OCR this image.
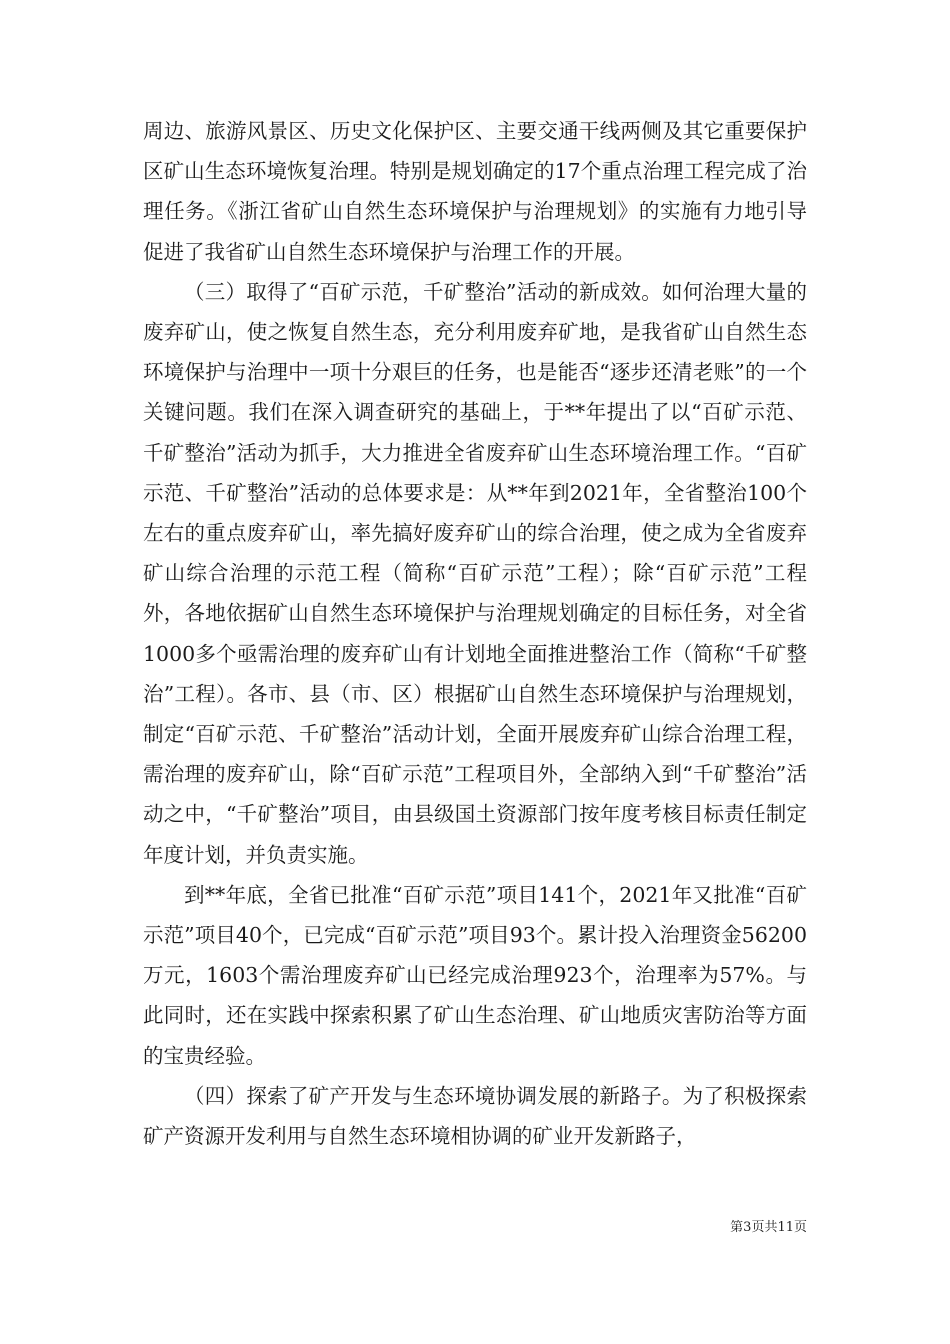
周边、旅游风景区、历史文化保护区、主要交通干线两侧及其它重要保护区矿山生态环境恢复治理。特别是规划确定的17个重点治理工程完成了治理任务。《浙江省矿山自然生态环境保护与治理规划》的实施有力地引导促进了我省矿山自然生态环境保护与治理工作的开展。

（三）取得了“百矿示范，千矿整治”活动的新成效。如何治理大量的废弃矿山，使之恢复自然生态，充分利用废弃矿地，是我省矿山自然生态环境保护与治理中一项十分艰巨的任务，也是能否“逐步还清老账”的一个关键问题。我们在深入调查研究的基础上，于**年提出了以“百矿示范、千矿整治”活动为抓手，大力推进全省废弃矿山生态环境治理工作。“百矿示范、千矿整治”活动的总体要求是：从**年到2021年，全省整治100个左右的重点废弃矿山，率先搞好废弃矿山的综合治理，使之成为全省废弃矿山综合治理的示范工程（简称“百矿示范”工程）；除“百矿示范”工程外，各地依据矿山自然生态环境保护与治理规划确定的目标任务，对全省1000多个亟需治理的废弃矿山有计划地全面推进整治工作（简称“千矿整治”工程）。各市、县（市、区）根据矿山自然生态环境保护与治理规划，制定“百矿示范、千矿整治”活动计划，全面开展废弃矿山综合治理工程，需治理的废弃矿山，除“百矿示范”工程项目外，全部纳入到“千矿整治”活动之中，“千矿整治”项目，由县级国土资源部门按年度考核目标责任制定年度计划，并负责实施。

到**年底，全省已批准“百矿示范”项目141个，2021年又批准“百矿示范”项目40个，已完成“百矿示范”项目93个。累计投入治理资金56200万元，1603个需治理废弃矿山已经完成治理923个，治理率为57%。与此同时，还在实践中探索积累了矿山生态治理、矿山地质灾害防治等方面的宝贵经验。

（四）探索了矿产开发与生态环境协调发展的新路子。为了积极探索矿产资源开发利用与自然生态环境相协调的矿业开发新路子，

第3页共11页
